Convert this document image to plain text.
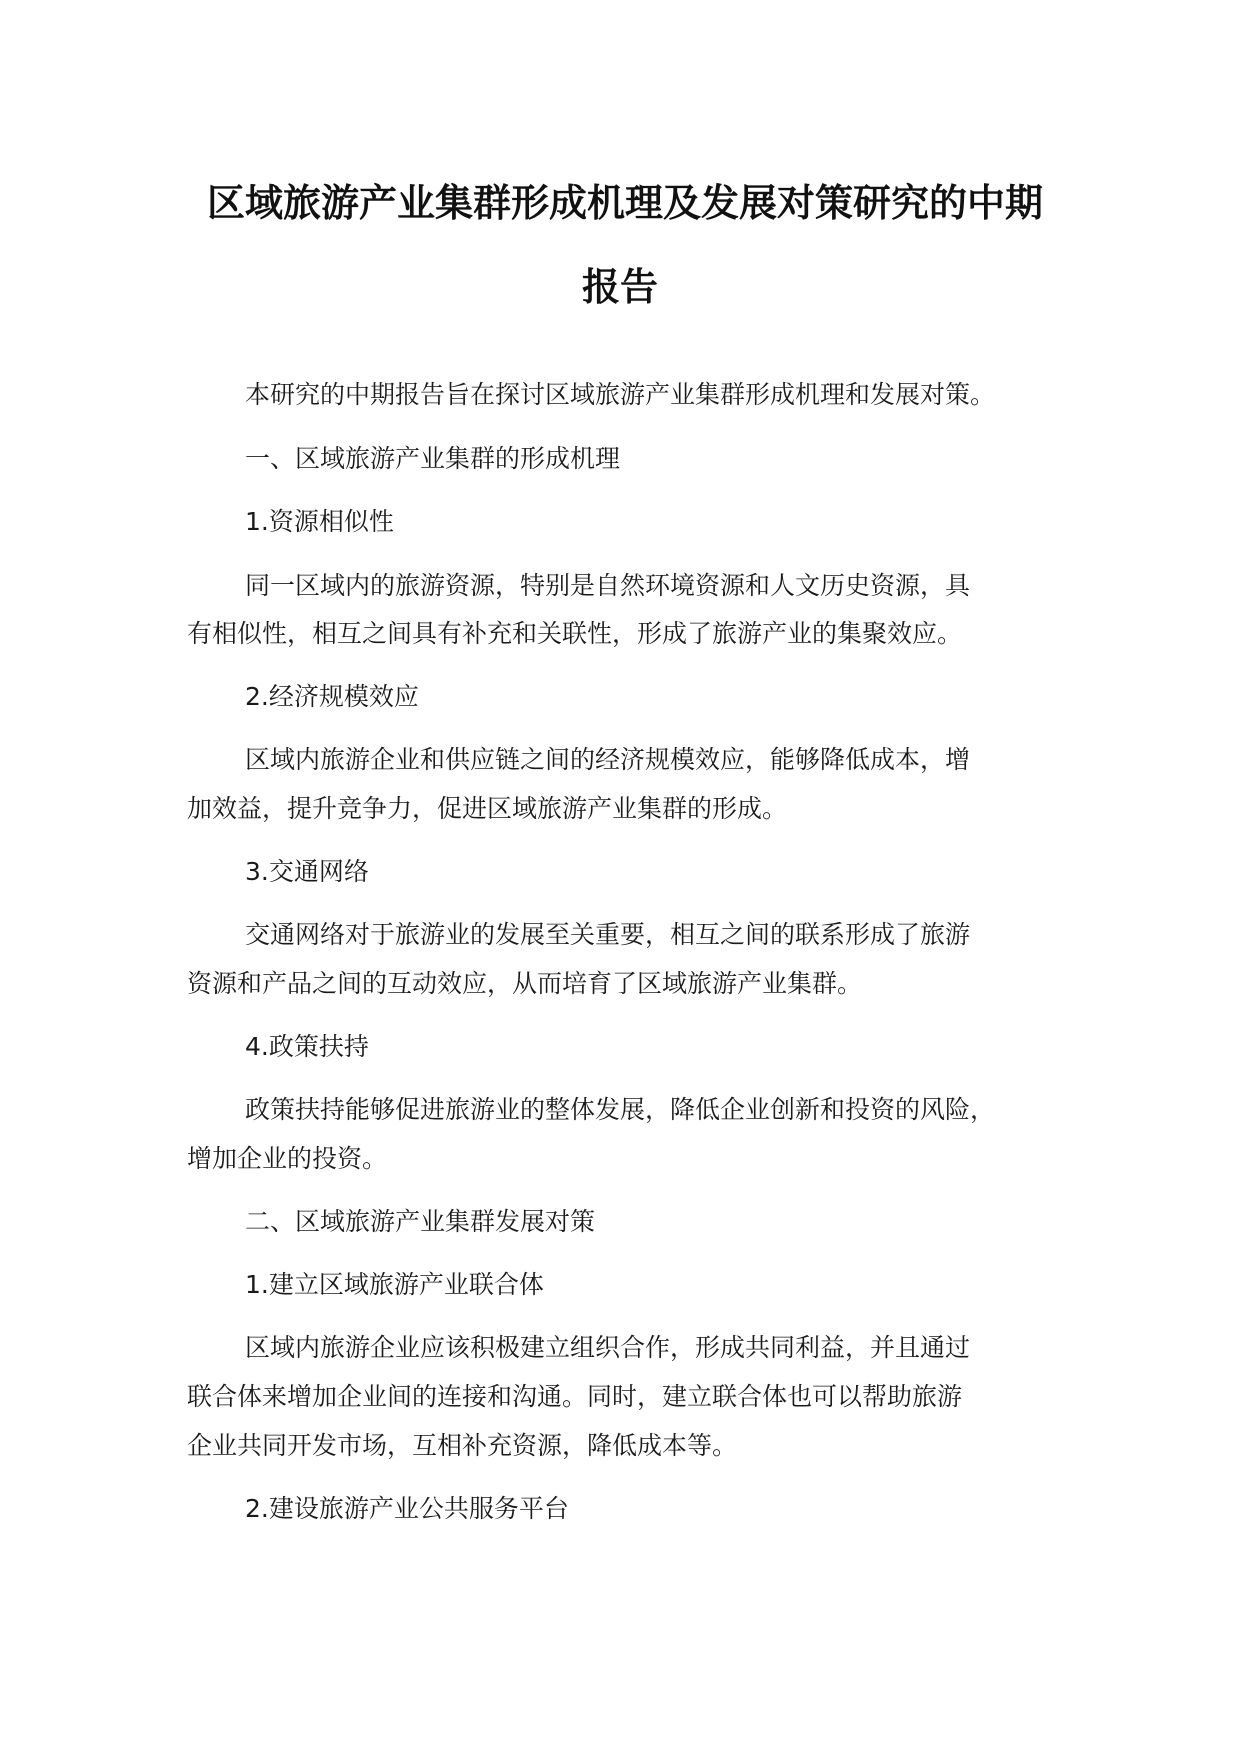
区域旅游产业集群形成机理及发展对策研究的中期
报告

本研究的中期报告旨在探讨区域旅游产业集群形成机理和发展对策。

一、区域旅游产业集群的形成机理

1.资源相似性

同一区域内的旅游资源，特别是自然环境资源和人文历史资源，具

有相似性，相互之间具有补充和关联性，形成了旅游产业的集聚效应。

2.经济规模效应

区域内旅游企业和供应链之间的经济规模效应，能够降低成本，增

加效益，提升竞争力，促进区域旅游产业集群的形成。

3.交通网络

交通网络对于旅游业的发展至关重要，相互之间的联系形成了旅游

资源和产品之间的互动效应，从而培育了区域旅游产业集群。

4.政策扶持

政策扶持能够促进旅游业的整体发展，降低企业创新和投资的风险，

增加企业的投资。

二、区域旅游产业集群发展对策

1.建立区域旅游产业联合体

区域内旅游企业应该积极建立组织合作，形成共同利益，并且通过

联合体来增加企业间的连接和沟通。同时，建立联合体也可以帮助旅游

企业共同开发市场，互相补充资源，降低成本等。

2.建设旅游产业公共服务平台
